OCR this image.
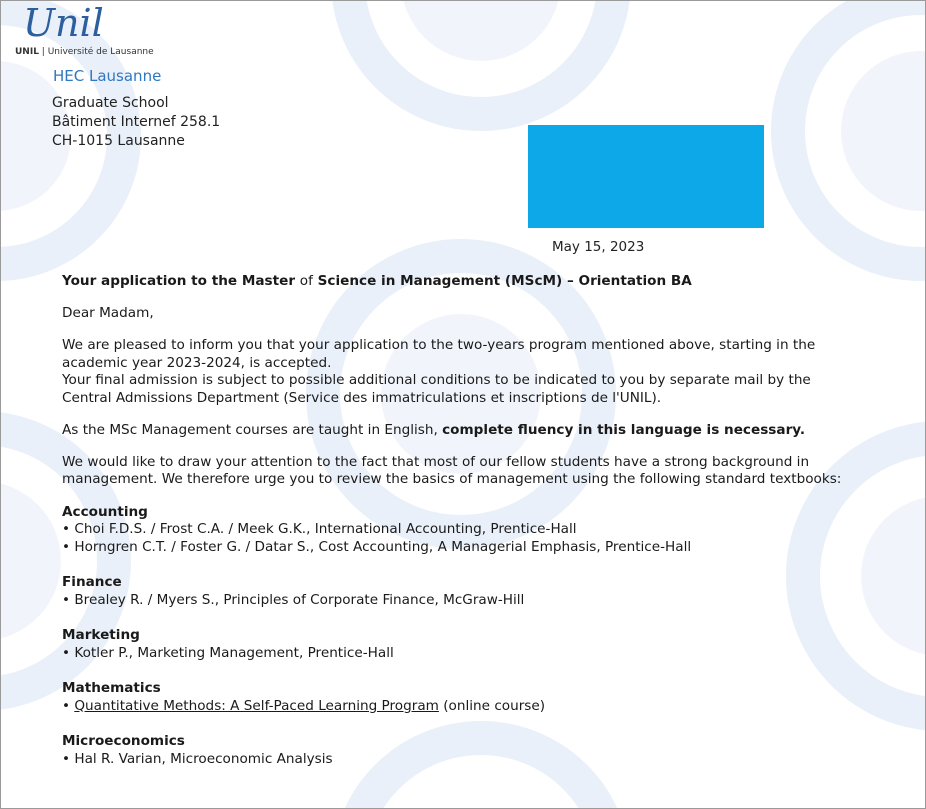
Unil
UNIL | Université de Lausanne
HEC Lausanne
Graduate School
Bâtiment Internef 258.1
CH-1015 Lausanne
May 15, 2023

Your application to the Master of Science in Management (MScM) – Orientation BA

Dear Madam,

We are pleased to inform you that your application to the two-years program mentioned above, starting in the academic year 2023-2024, is accepted.

Your final admission is subject to possible additional conditions to be indicated to you by separate mail by the Central Admissions Department (Service des immatriculations et inscriptions de l'UNIL).

As the MSc Management courses are taught in English, complete fluency in this language is necessary.

We would like to draw your attention to the fact that most of our fellow students have a strong background in management. We therefore urge you to review the basics of management using the following standard textbooks:

Accounting
• Choi F.D.S. / Frost C.A. / Meek G.K., International Accounting, Prentice-Hall
• Horngren C.T. / Foster G. / Datar S., Cost Accounting, A Managerial Emphasis, Prentice-Hall
Finance
• Brealey R. / Myers S., Principles of Corporate Finance, McGraw-Hill
Marketing
• Kotler P., Marketing Management, Prentice-Hall
Mathematics
• Quantitative Methods: A Self-Paced Learning Program (online course)
Microeconomics
• Hal R. Varian, Microeconomic Analysis
